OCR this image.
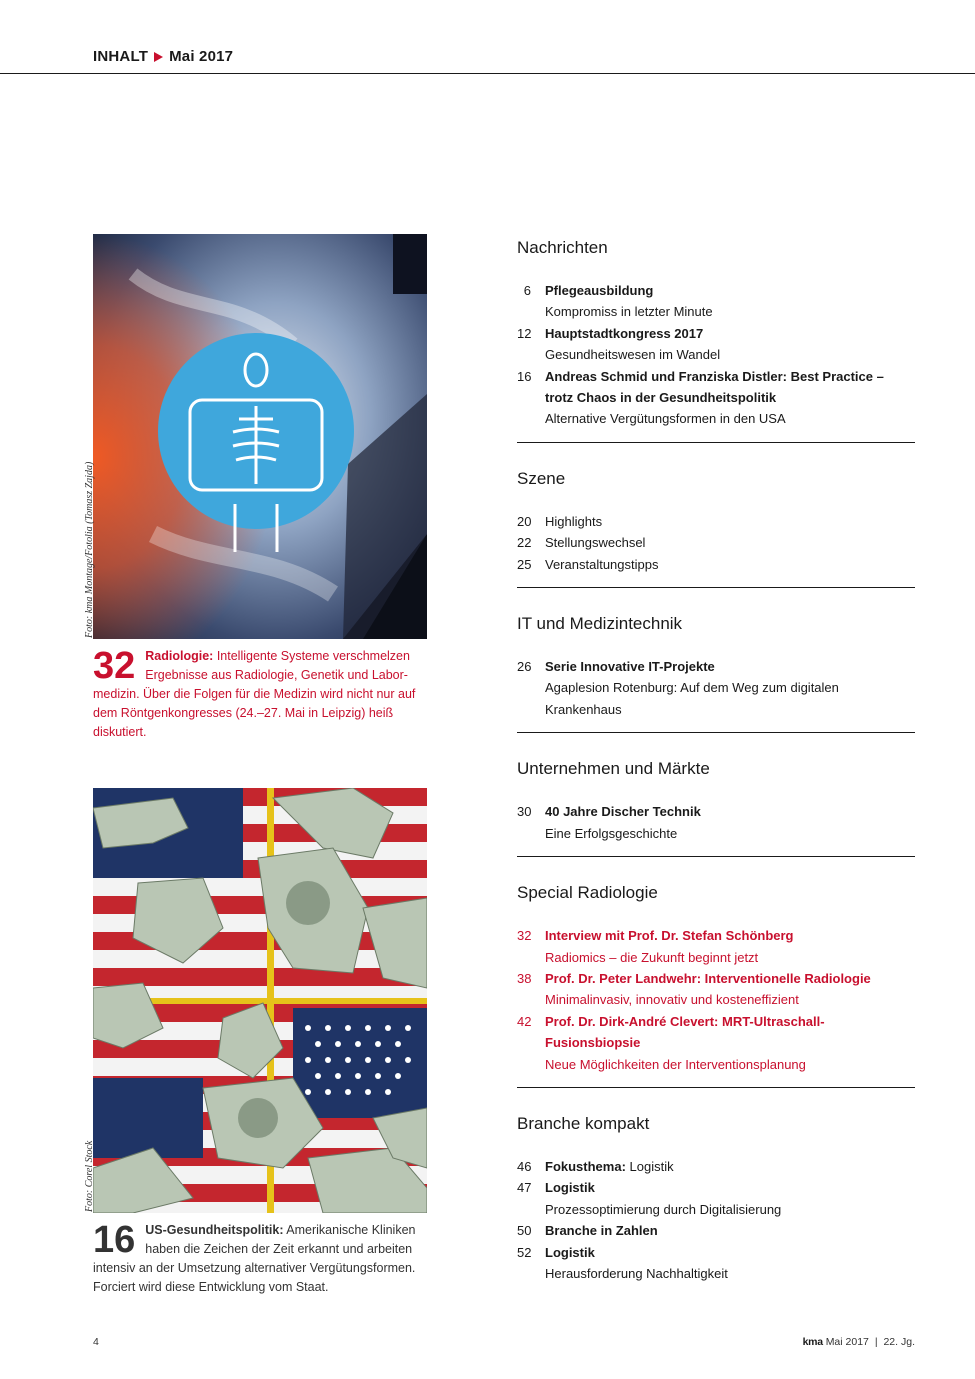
INHALT Mai 2017
Foto: kma Montage/Fotolia (Tomasz Zajda)
32 Radiologie: Intelligente Systeme verschmelzen Ergebnisse aus Radiologie, Genetik und Labor-medizin. Über die Folgen für die Medizin wird nicht nur auf dem Röntgenkongresses (24.–27. Mai in Leipzig) heiß diskutiert.
Foto: Corel Stock
16 US-Gesundheitspolitik: Amerikanische Kliniken haben die Zeichen der Zeit erkannt und arbeiten intensiv an der Umsetzung alternativer Vergütungsformen. Forciert wird diese Entwicklung vom Staat.
Nachrichten
6 Pflegeausbildung
Kompromiss in letzter Minute
12 Hauptstadtkongress 2017
Gesundheitswesen im Wandel
16 Andreas Schmid und Franziska Distler: Best Practice – trotz Chaos in der Gesundheitspolitik
Alternative Vergütungsformen in den USA
Szene
20 Highlights
22 Stellungswechsel
25 Veranstaltungstipps
IT und Medizintechnik
26 Serie Innovative IT-Projekte
Agaplesion Rotenburg: Auf dem Weg zum digitalen Krankenhaus
Unternehmen und Märkte
30 40 Jahre Discher Technik
Eine Erfolgsgeschichte
Special Radiologie
32 Interview mit Prof. Dr. Stefan Schönberg
Radiomics – die Zukunft beginnt jetzt
38 Prof. Dr. Peter Landwehr: Interventionelle Radiologie
Minimalinvasiv, innovativ und kosteneffizient
42 Prof. Dr. Dirk-André Clevert: MRT-Ultraschall-Fusionsbiopsie
Neue Möglichkeiten der Interventionsplanung
Branche kompakt
46 Fokusthema: Logistik
47 Logistik
Prozessoptimierung durch Digitalisierung
50 Branche in Zahlen
52 Logistik
Herausforderung Nachhaltigkeit
4	kma Mai 2017 | 22. Jg.
